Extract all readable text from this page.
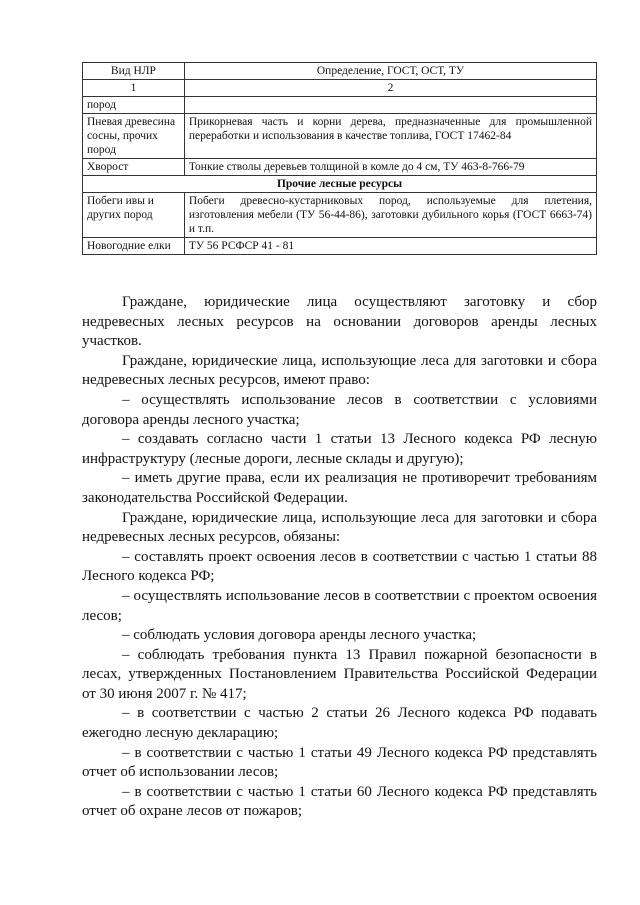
Вид НЛР	Определение, ГОСТ, ОСТ, ТУ
1	2
пород	
Пневая древесина сосны, прочих пород	Прикорневая часть и корни дерева, предназначенные для промышленной переработки и использования в качестве топлива, ГОСТ 17462-84
Хворост	Тонкие стволы деревьев толщиной в комле до 4 см, ТУ 463-8-766-79
Прочие лесные ресурсы	
Побеги ивы и других пород	Побеги древесно-кустарниковых пород, используемые для плетения, изготовления мебели (ТУ 56-44-86), заготовки дубильного корья (ГОСТ 6663-74) и т.п.
Новогодние елки	ТУ 56 РСФСР 41 - 81

Граждане, юридические лица осуществляют заготовку и сбор недревесных лесных ресурсов на основании договоров аренды лесных участков.

Граждане, юридические лица, использующие леса для заготовки и сбора недревесных лесных ресурсов, имеют право:

– осуществлять использование лесов в соответствии с условиями договора аренды лесного участка;

– создавать согласно части 1 статьи 13 Лесного кодекса РФ лесную инфраструктуру (лесные дороги, лесные склады и другую);

– иметь другие права, если их реализация не противоречит требованиям законодательства Российской Федерации.

Граждане, юридические лица, использующие леса для заготовки и сбора недревесных лесных ресурсов, обязаны:

– составлять проект освоения лесов в соответствии с частью 1 статьи 88 Лесного кодекса РФ;

– осуществлять использование лесов в соответствии с проектом освоения лесов;

– соблюдать условия договора аренды лесного участка;

– соблюдать требования пункта 13 Правил пожарной безопасности в лесах, утвержденных Постановлением Правительства Российской Федерации от 30 июня 2007 г. № 417;

– в соответствии с частью 2 статьи 26 Лесного кодекса РФ подавать ежегодно лесную декларацию;

– в соответствии с частью 1 статьи 49 Лесного кодекса РФ представлять отчет об использовании лесов;

– в соответствии с частью 1 статьи 60 Лесного кодекса РФ представлять отчет об охране лесов от пожаров;
